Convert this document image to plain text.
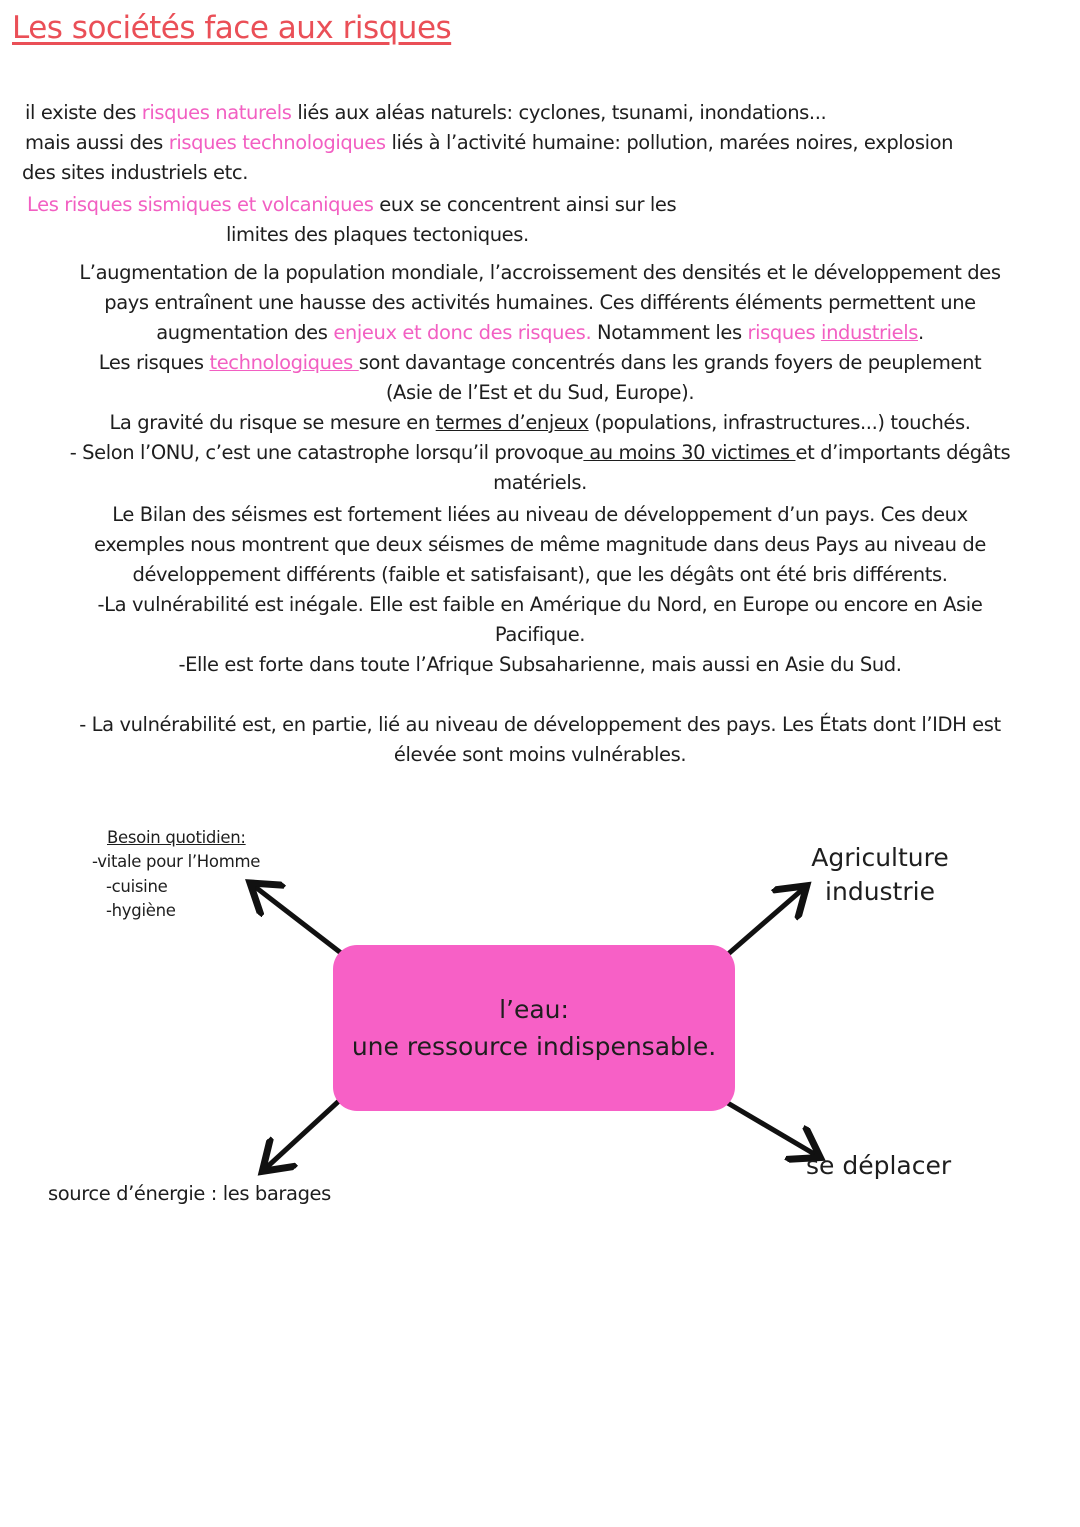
Les sociétés face aux risques

il existe des risques naturels liés aux aléas naturels: cyclones, tsunami, inondations...

mais aussi des risques technologiques liés à l’activité humaine: pollution, marées noires, explosion

des sites industriels etc.

Les risques sismiques et volcaniques eux se concentrent ainsi sur les

limites des plaques tectoniques.

L’augmentation de la population mondiale, l’accroissement des densités et le développement des

pays entraînent une hausse des activités humaines. Ces différents éléments permettent une

augmentation des enjeux et donc des risques. Notamment les risques industriels.

Les risques technologiques sont davantage concentrés dans les grands foyers de peuplement

(Asie de l’Est et du Sud, Europe).

La gravité du risque se mesure en termes d’enjeux (populations, infrastructures...) touchés.

- Selon l’ONU, c’est une catastrophe lorsqu’il provoque au moins 30 victimes et d’importants dégâts

matériels.

Le Bilan des séismes est fortement liées au niveau de développement d’un pays. Ces deux

exemples nous montrent que deux séismes de même magnitude dans deus Pays au niveau de

développement différents (faible et satisfaisant), que les dégâts ont été bris différents.

-La vulnérabilité est inégale. Elle est faible en Amérique du Nord, en Europe ou encore en Asie

Pacifique.

-Elle est forte dans toute l’Afrique Subsaharienne, mais aussi en Asie du Sud.

- La vulnérabilité est, en partie, lié au niveau de développement des pays. Les États dont l’IDH est

élevée sont moins vulnérables.

l’eau:
une ressource indispensable.
Besoin quotidien:
-vitale pour l’Homme
-cuisine
-hygiène
Agriculture
industrie
source d’énergie : les barages
se déplacer
